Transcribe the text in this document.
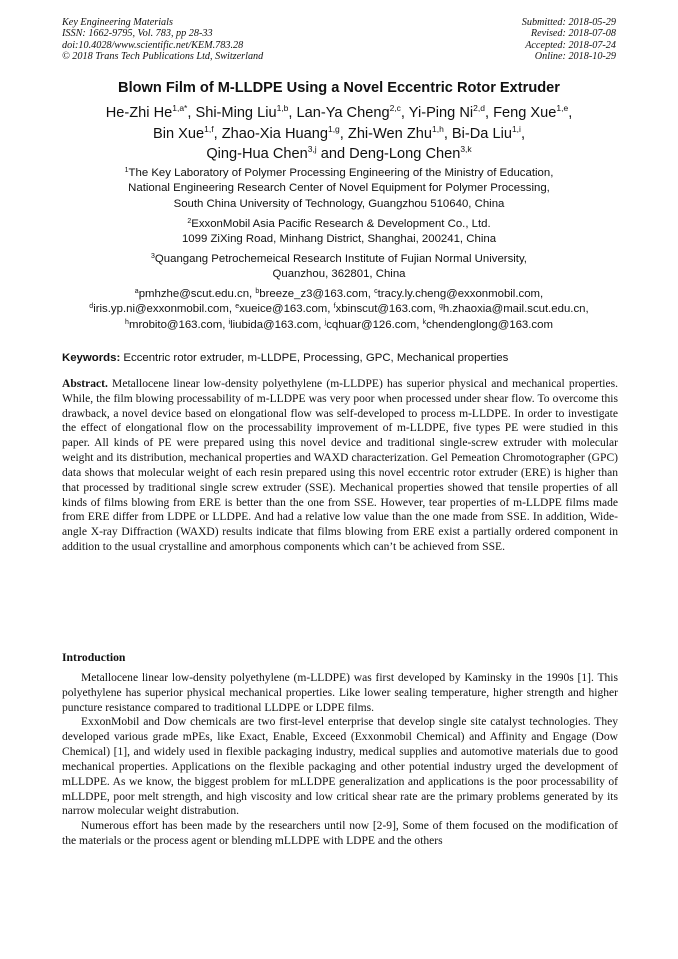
Key Engineering Materials
ISSN: 1662-9795, Vol. 783, pp 28-33
doi:10.4028/www.scientific.net/KEM.783.28
© 2018 Trans Tech Publications Ltd, Switzerland
Submitted: 2018-05-29
Revised: 2018-07-08
Accepted: 2018-07-24
Online: 2018-10-29
Blown Film of M-LLDPE Using a Novel Eccentric Rotor Extruder
He-Zhi $He^{1,a*}$, Shi-Ming Liu$^{1,b}$, Lan-Ya Cheng$^{2,c}$, Yi-Ping Ni$^{2,d}$, Feng Xue$^{1,e}$,
Bin Xue$^{1,f}$, Zhao-Xia Huang$^{1,g}$, Zhi-Wen Zhu$^{1,h}$, Bi-Da Liu$^{1,i}$,
Qing-Hua Chen$^{3,j}$ and Deng-Long Chen$^{3,k}$
$^1$The Key Laboratory of Polymer Processing Engineering of the Ministry of Education,
National Engineering Research Center of Novel Equipment for Polymer Processing,
South China University of Technology, Guangzhou 510640, China
$^2$ExxonMobil Asia Pacific Research & Development Co., Ltd.
1099 ZiXing Road, Minhang District, Shanghai, 200241, China
$^3$Quangang Petrochemeical Research Institute of Fujian Normal University,
Quanzhou, 362801, China
$^a$pmhzhe@scut.edu.cn, $^b$breeze_z3@163.com, $^c$tracy.ly.cheng@exxonmobil.com,
$^d$iris.yp.ni@exxonmobil.com, $^e$xueice@163.com, $^f$xbinscut@163.com, $^g$h.zhaoxia@mail.scut.edu.cn,
$^h$mrobito@163.com, $^i$liubida@163.com, $^j$cqhuar@126.com, $^k$chendenglong@163.com
Keywords: Eccentric rotor extruder, m-LLDPE, Processing, GPC, Mechanical properties
Abstract. Metallocene linear low-density polyethylene (m-LLDPE) has superior physical and mechanical properties. While, the film blowing processability of m-LLDPE was very poor when processed under shear flow. To overcome this drawback, a novel device based on elongational flow was self-developed to process m-LLDPE. In order to investigate the effect of elongational flow on the processability improvement of m-LLDPE, five types PE were studied in this paper. All kinds of PE were prepared using this novel device and traditional single-screw extruder with molecular weight and its distribution, mechanical properties and WAXD characterization. Gel Pemeation Chromotographer (GPC) data shows that molecular weight of each resin prepared using this novel eccentric rotor extruder (ERE) is higher than that processed by traditional single screw extruder (SSE). Mechanical properties showed that tensile properties of all kinds of films blowing from ERE is better than the one from SSE. However, tear properties of m-LLDPE films made from ERE differ from LDPE or LLDPE. And had a relative low value than the one made from SSE. In addition, Wide-angle X-ray Diffraction (WAXD) results indicate that films blowing from ERE exist a partially ordered component in addition to the usual crystalline and amorphous components which can’t be achieved from SSE.
Introduction

Metallocene linear low-density polyethylene (m-LLDPE) was first developed by Kaminsky in the 1990s [1]. This polyethylene has superior physical mechanical properties. Like lower sealing temperature, higher strength and higher puncture resistance compared to traditional LLDPE or LDPE films.

ExxonMobil and Dow chemicals are two first-level enterprise that develop single site catalyst technologies. They developed various grade mPEs, like Exact, Enable, Exceed (Exxonmobil Chemical) and Affinity and Engage (Dow Chemical) [1], and widely used in flexible packaging industry, medical supplies and automotive materials due to good mechanical properties. Applications on the flexible packaging and other potential industry urged the development of mLLDPE. As we know, the biggest problem for mLLDPE generalization and applications is the poor processability of mLLDPE, poor melt strength, and high viscosity and low critical shear rate are the primary problems generated by its narrow molecular weight distrabution.

Numerous effort has been made by the researchers until now [2-9], Some of them focused on the modification of the materials or the process agent or blending mLLDPE with LDPE and the others
